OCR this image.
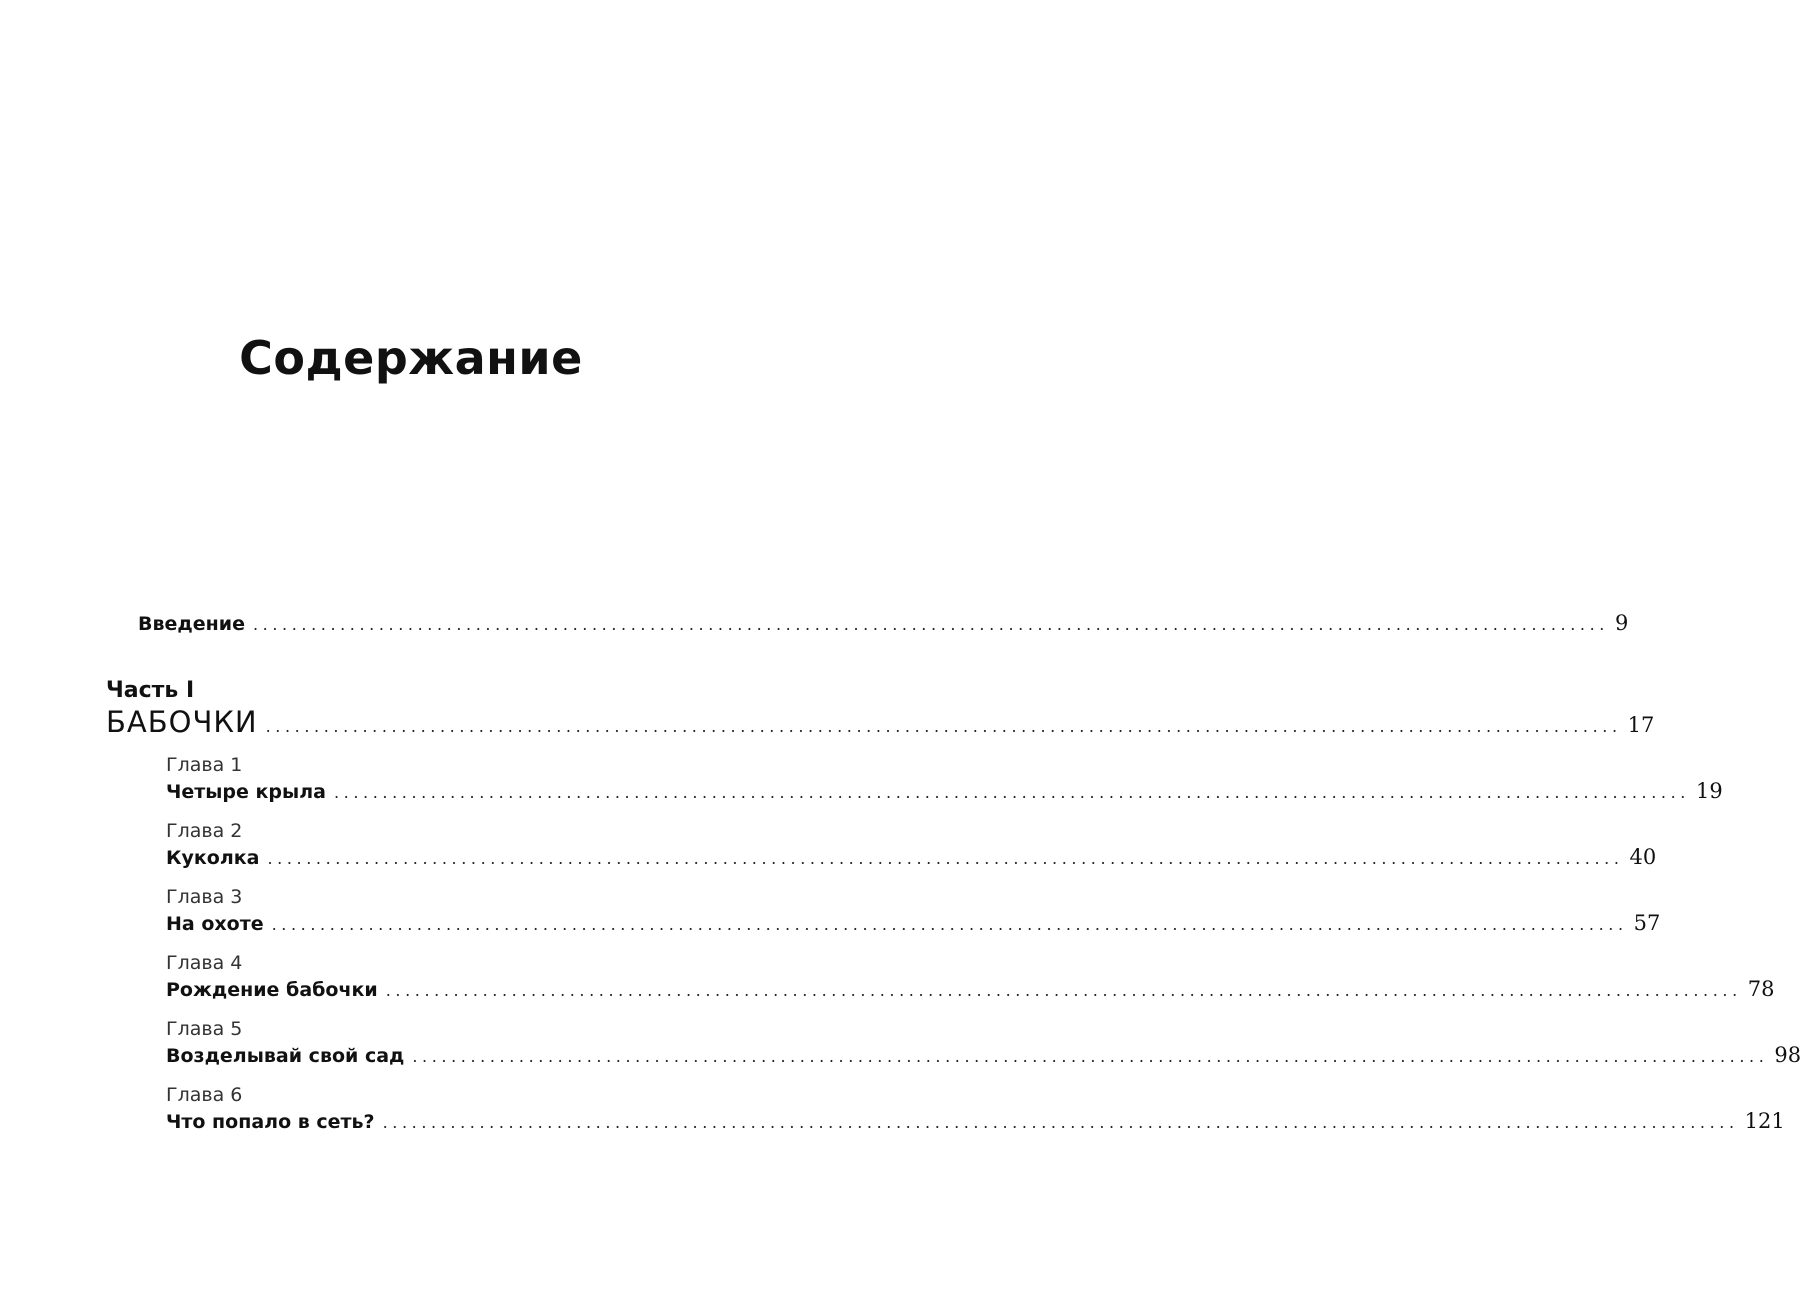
Содержание
Введение ............................................................................................................................................ 9
Часть I
БАБОЧКИ ............................................................................................................................................ 17
Глава 1
Четыре крыла ............................................................................................................................................ 19
Глава 2
Куколка ............................................................................................................................................ 40
Глава 3
На охоте ............................................................................................................................................ 57
Глава 4
Рождение бабочки ............................................................................................................................................ 78
Глава 5
Возделывай свой сад ............................................................................................................................................ 98
Глава 6
Что попало в сеть? ............................................................................................................................................ 121
